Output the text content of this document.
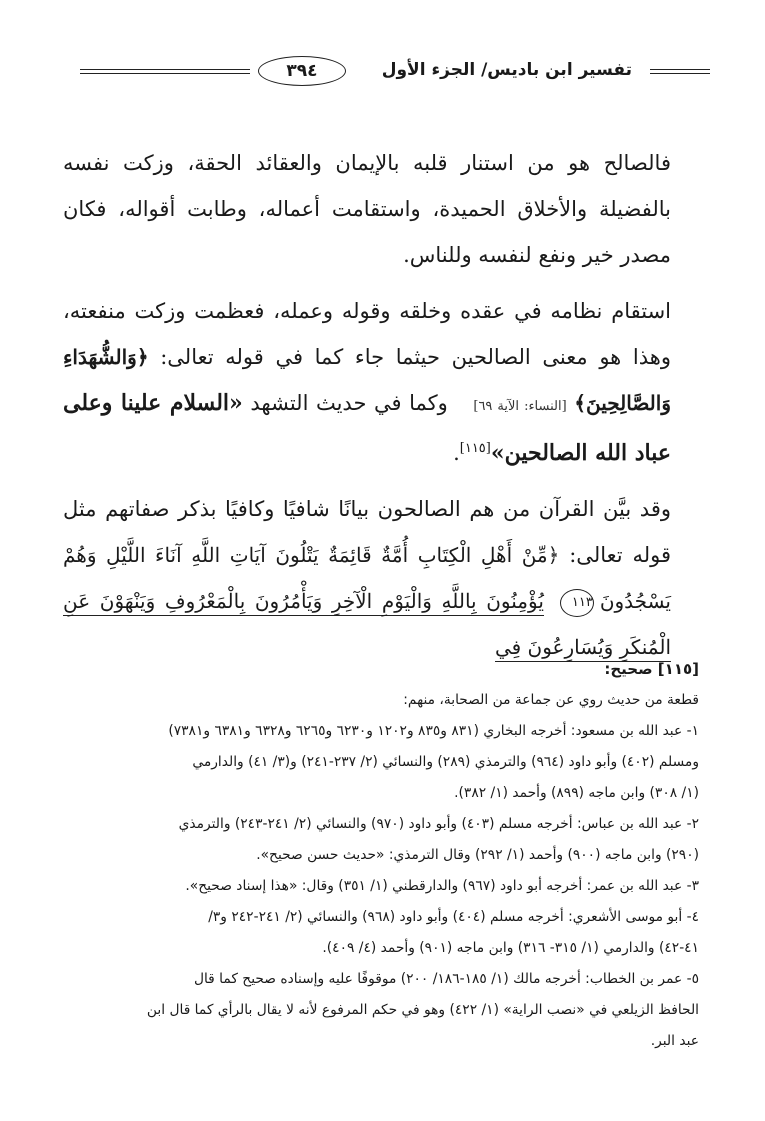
تفسير ابن باديس/ الجزء الأول
٣٩٤

فالصالح هو من استنار قلبه بالإيمان والعقائد الحقة، وزكت نفسه بالفضيلة والأخلاق الحميدة، واستقامت أعماله، وطابت أقواله، فكان مصدر خير ونفع لنفسه وللناس.

استقام نظامه في عقده وخلقه وقوله وعمله، فعظمت وزكت منفعته، وهذا هو معنى الصالحين حيثما جاء كما في قوله تعالى: ﴿وَالشُّهَدَاءِ وَالصَّالِحِينَ﴾ [النساء: الآية ٦٩] وكما في حديث التشهد «السلام علينا وعلى عباد الله الصالحين»[١١٥].

وقد بيَّن القرآن من هم الصالحون بيانًا شافيًا وكافيًا بذكر صفاتهم مثل قوله تعالى: ﴿مِّنْ أَهْلِ الْكِتَابِ أُمَّةٌ قَائِمَةٌ يَتْلُونَ آيَاتِ اللَّهِ آنَاءَ اللَّيْلِ وَهُمْ يَسْجُدُونَ١١٣ يُؤْمِنُونَ بِاللَّهِ وَالْيَوْمِ الْآخِرِ وَيَأْمُرُونَ بِالْمَعْرُوفِ وَيَنْهَوْنَ عَنِ الْمُنكَرِ وَيُسَارِعُونَ فِي

[١١٥] صحيح:

قطعة من حديث روي عن جماعة من الصحابة، منهم:

١- عبد الله بن مسعود: أخرجه البخاري (٨٣١ و٨٣٥ و١٢٠٢ و٦٢٣٠ و٦٢٦٥ و٦٣٢٨ و٦٣٨١ و٧٣٨١)

ومسلم (٤٠٢) وأبو داود (٩٦٤) والترمذي (٢٨٩) والنسائي (٢/ ٢٣٧-٢٤١) و(٣/ ٤١) والدارمي

(١/ ٣٠٨) وابن ماجه (٨٩٩) وأحمد (١/ ٣٨٢).

٢- عبد الله بن عباس: أخرجه مسلم (٤٠٣) وأبو داود (٩٧٠) والنسائي (٢/ ٢٤١-٢٤٣) والترمذي

(٢٩٠) وابن ماجه (٩٠٠) وأحمد (١/ ٢٩٢) وقال الترمذي: «حديث حسن صحيح».

٣- عبد الله بن عمر: أخرجه أبو داود (٩٦٧) والدارقطني (١/ ٣٥١) وقال: «هذا إسناد صحيح».

٤- أبو موسى الأشعري: أخرجه مسلم (٤٠٤) وأبو داود (٩٦٨) والنسائي (٢/ ٢٤١-٢٤٢ و٣/

٤١-٤٢) والدارمي (١/ ٣١٥- ٣١٦) وابن ماجه (٩٠١) وأحمد (٤/ ٤٠٩).

٥- عمر بن الخطاب: أخرجه مالك (١/ ١٨٥-١٨٦/ ٢٠٠) موقوفًا عليه وإسناده صحيح كما قال

الحافظ الزيلعي في «نصب الراية» (١/ ٤٢٢) وهو في حكم المرفوع لأنه لا يقال بالرأي كما قال ابن

عبد البر.
